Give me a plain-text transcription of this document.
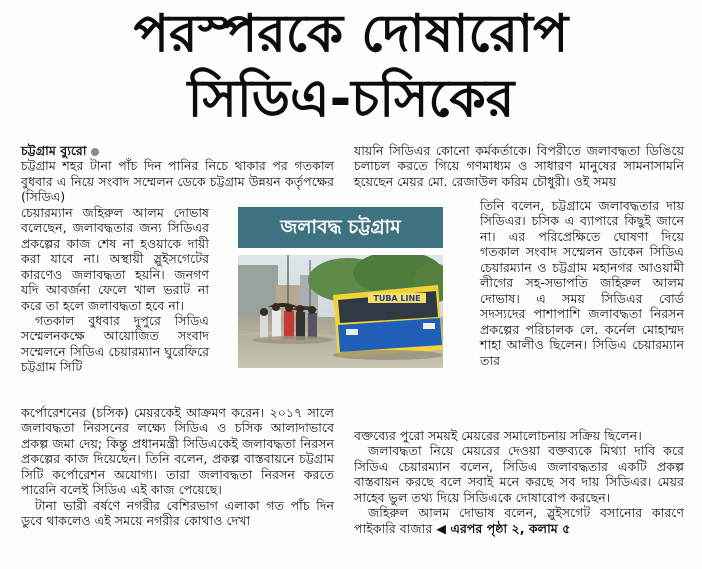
পরস্পরকে দোষারোপ
সিডিএ-চসিকের

চট্টগ্রাম ব্যুরো

চট্টগ্রাম শহর টানা পাঁচ দিন পানির নিচে থাকার পর গতকাল বুধবার এ নিয়ে সংবাদ সম্মেলন ডেকে চট্টগ্রাম উন্নয়ন কর্তৃপক্ষের (সিডিএ)

চেয়ারম্যান জহিরুল আলম দোভাষ বলেছেন, জলাবদ্ধতার জন্য সিডিএর প্রকল্পের কাজ শেষ না হওয়াকে দায়ী করা যাবে না। অস্থায়ী স্লুইসগেটের কারণেও জলাবদ্ধতা হয়নি। জনগণ যদি আবর্জনা ফেলে খাল ভরাট না করে তা হলে জলাবদ্ধতা হবে না।

গতকাল বুধবার দুপুরে সিডিএ সম্মেলনকক্ষে আয়োজিত সংবাদ সম্মেলনে সিডিএ চেয়ারম্যান ঘুরেফিরে চট্টগ্রাম সিটি

কর্পোরেশনের (চসিক) মেয়রকেই আক্রমণ করেন। ২০১৭ সালে জলাবদ্ধতা নিরসনের লক্ষ্যে সিডিএ ও চসিক আলাদাভাবে প্রকল্প জমা দেয়; কিন্তু প্রধানমন্ত্রী সিডিএকেই জলাবদ্ধতা নিরসন প্রকল্পের কাজ দিয়েছেন। তিনি বলেন, প্রকল্প বাস্তবায়নে চট্টগ্রাম সিটি কর্পোরেশন অযোগ্য। তারা জলাবদ্ধতা নিরসন করতে পারেনি বলেই সিডিএ এই কাজ পেয়েছে।

টানা ভারী বর্ষণে নগরীর বেশিরভাগ এলাকা গত পাঁচ দিন ডুবে থাকলেও এই সময়ে নগরীর কোথাও দেখা

জলাবদ্ধ চট্টগ্রাম
TUBA LINE

যায়নি সিডিএর কোনো কর্মকর্তাকে। বিপরীতে জলাবদ্ধতা ডিঙিয়ে চলাচল করতে গিয়ে গণমাধ্যম ও সাধারণ মানুষের সামনাসামনি হয়েছেন মেয়র মো. রেজাউল করিম চৌধুরী। ওই সময়

তিনি বলেন, চট্টগ্রামে জলাবদ্ধতার দায় সিডিএর। চসিক এ ব্যাপারে কিছুই জানে না। এর পরিপ্রেক্ষিতে ঘোষণা দিয়ে গতকাল সংবাদ সম্মেলন ডাকেন সিডিএ চেয়ারম্যান ও চট্টগ্রাম মহানগর আওয়ামী লীগের সহ-সভাপতি জহিরুল আলম দোভাষ। এ সময় সিডিএর বোর্ড সদস্যদের পাশাপাশি জলাবদ্ধতা নিরসন প্রকল্পের পরিচালক লে. কর্নেল মোহাম্মদ শাহা আলীও ছিলেন। সিডিএ চেয়ারম্যান তার

বক্তব্যের পুরো সময়ই মেয়রের সমালোচনায় সক্রিয় ছিলেন।

জলাবদ্ধতা নিয়ে মেয়রের দেওয়া বক্তব্যকে মিথ্যা দাবি করে সিডিএ চেয়ারম্যান বলেন, সিডিএ জলাবদ্ধতার একটি প্রকল্প বাস্তবায়ন করছে বলে সবাই মনে করছে সব দায় সিডিএর। মেয়র সাহেব ভুল তথ্য দিয়ে সিডিএকে দোষারোপ করছেন।

জহিরুল আলম দোভাষ বলেন, স্লুইসগেট বসানোর কারণে পাইকারি বাজার ◀ এরপর পৃষ্ঠা ২, কলাম ৫
